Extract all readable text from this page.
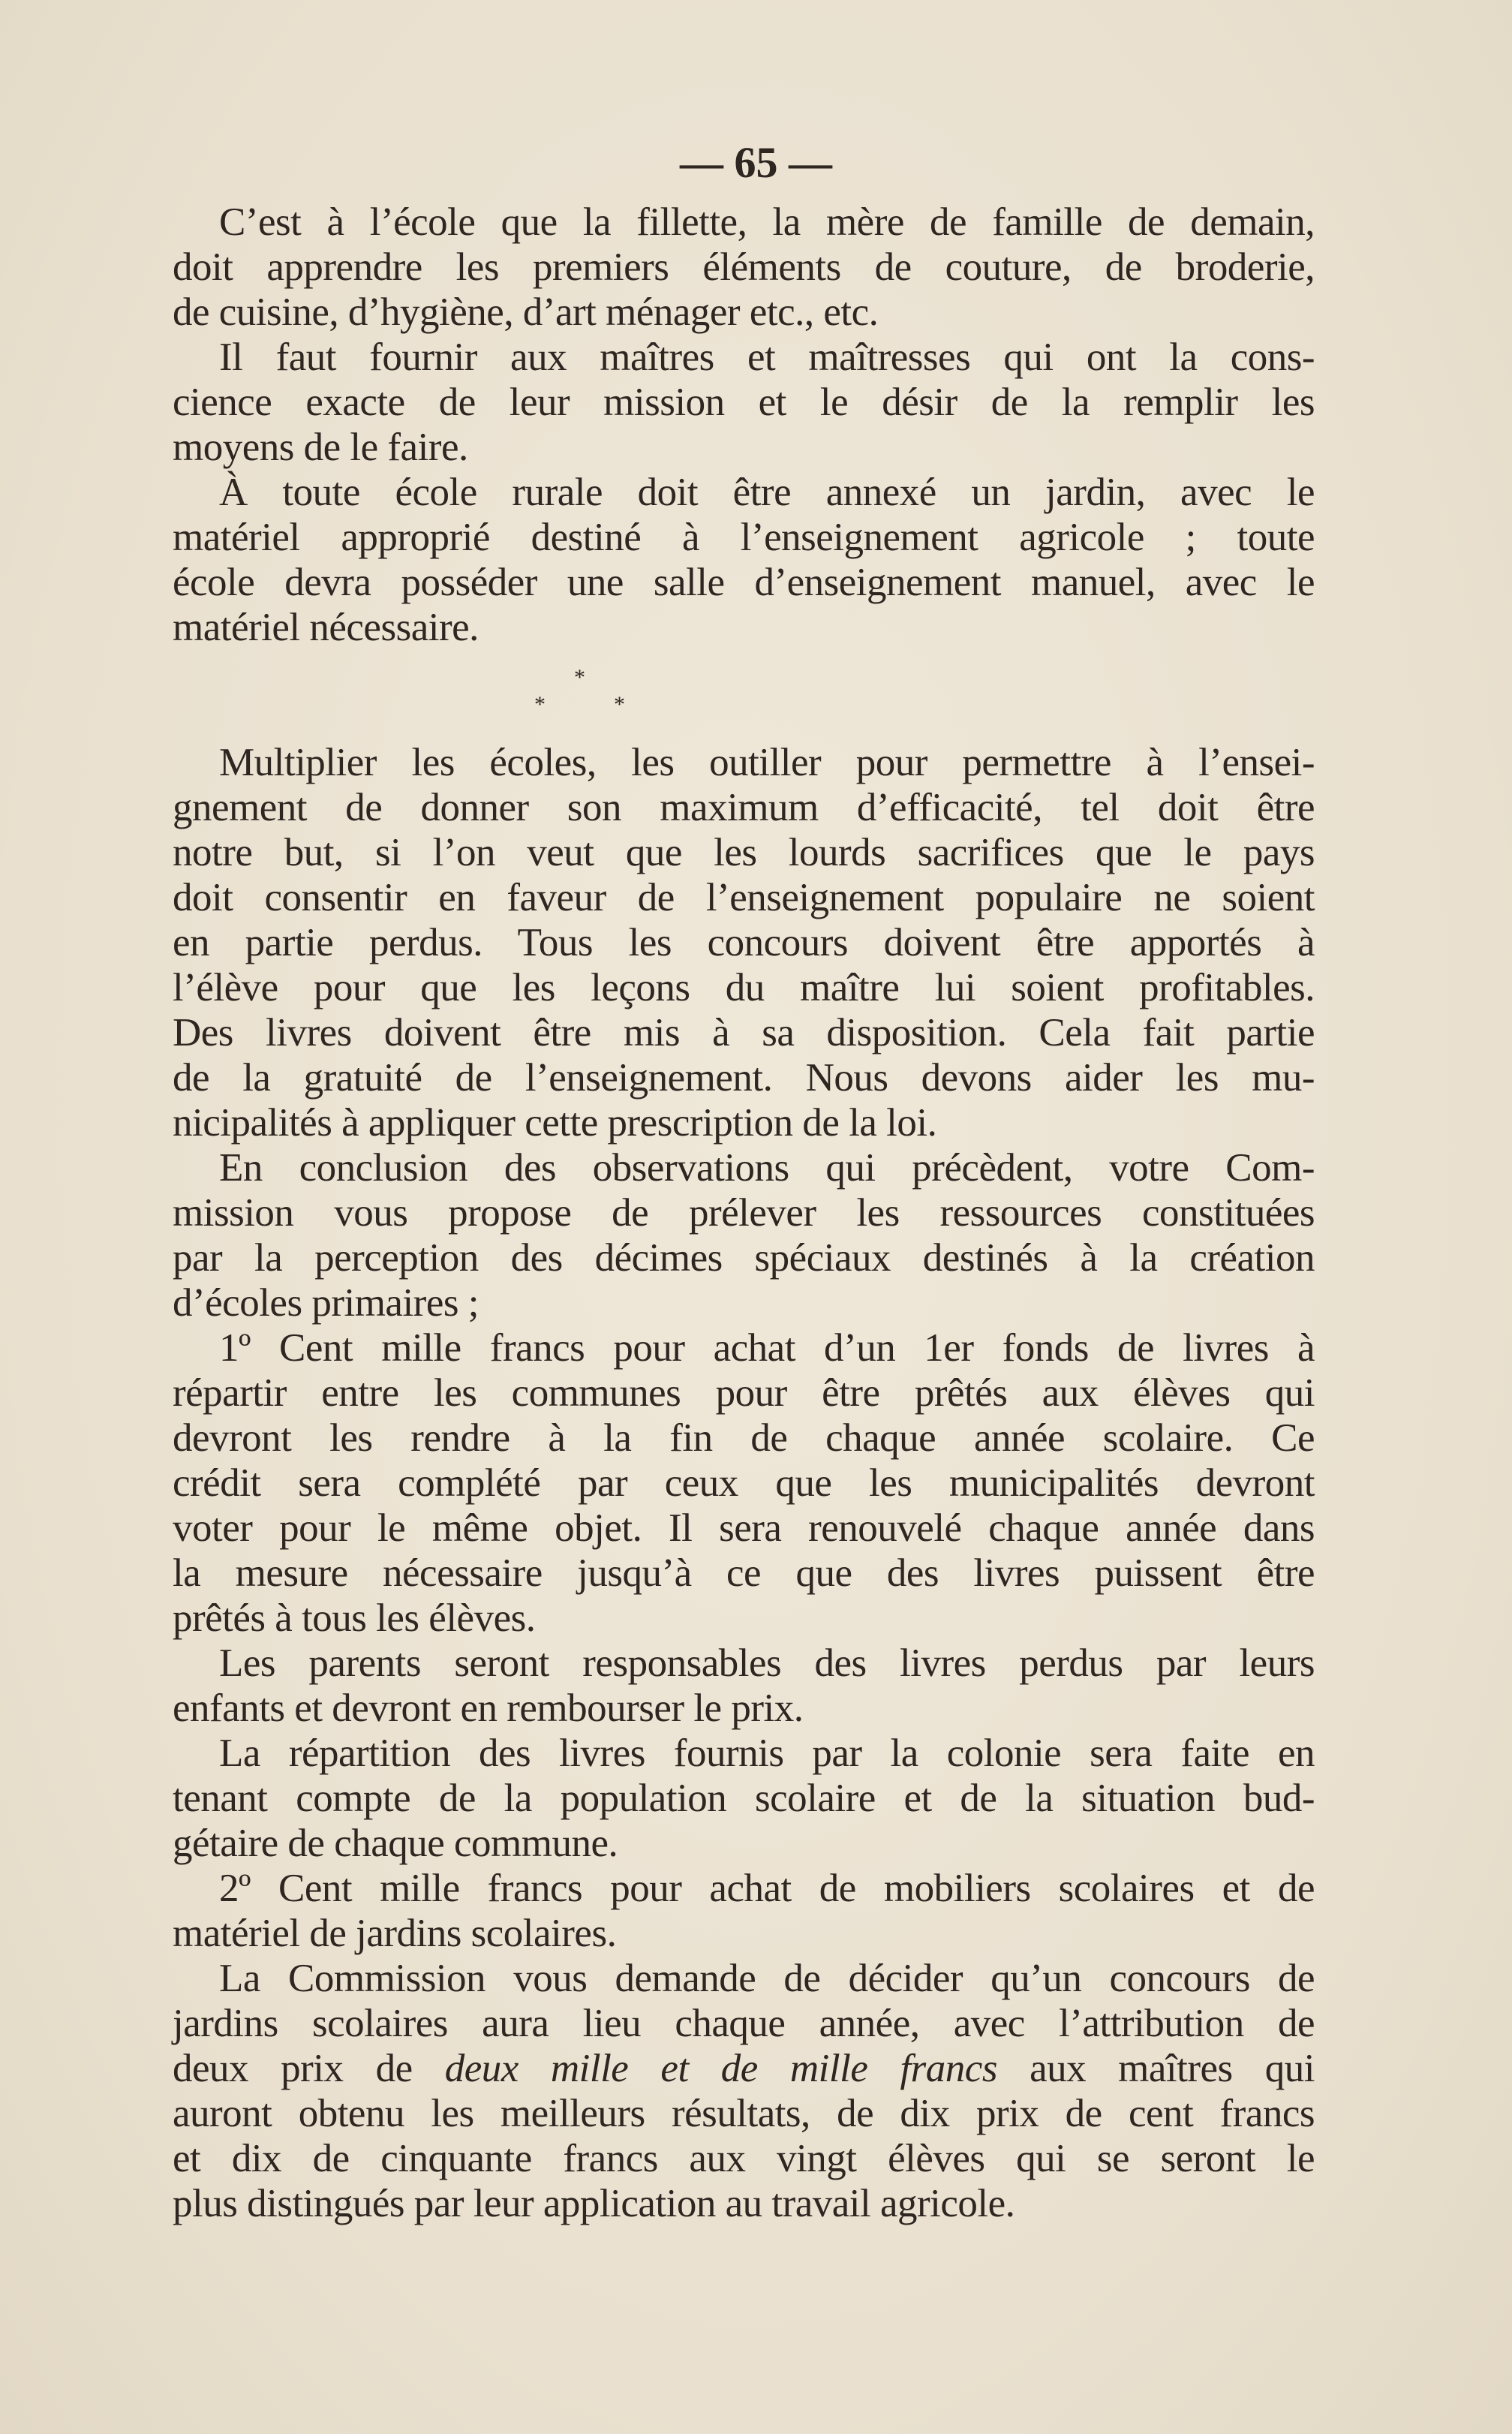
— 65 —
C’est à l’école que la fillette, la mère de famille de demain,
doit apprendre les premiers éléments de couture, de broderie,
de cuisine, d’hygiène, d’art ménager etc., etc.
Il faut fournir aux maîtres et maîtresses qui ont la cons-
cience exacte de leur mission et le désir de la remplir les
moyens de le faire.
À toute école rurale doit être annexé un jardin, avec le
matériel approprié destiné à l’enseignement agricole ; toute
école devra posséder une salle d’enseignement manuel, avec le
matériel nécessaire.
*
*	*
Multiplier les écoles, les outiller pour permettre à l’ensei-
gnement de donner son maximum d’efficacité, tel doit être
notre but, si l’on veut que les lourds sacrifices que le pays
doit consentir en faveur de l’enseignement populaire ne soient
en partie perdus. Tous les concours doivent être apportés à
l’élève pour que les leçons du maître lui soient profitables.
Des livres doivent être mis à sa disposition. Cela fait partie
de la gratuité de l’enseignement. Nous devons aider les mu-
nicipalités à appliquer cette prescription de la loi.
En conclusion des observations qui précèdent, votre Com-
mission vous propose de prélever les ressources constituées
par la perception des décimes spéciaux destinés à la création
d’écoles primaires ;
1º Cent mille francs pour achat d’un 1er fonds de livres à
répartir entre les communes pour être prêtés aux élèves qui
devront les rendre à la fin de chaque année scolaire. Ce
crédit sera complété par ceux que les municipalités devront
voter pour le même objet. Il sera renouvelé chaque année dans
la mesure nécessaire jusqu’à ce que des livres puissent être
prêtés à tous les élèves.
Les parents seront responsables des livres perdus par leurs
enfants et devront en rembourser le prix.
La répartition des livres fournis par la colonie sera faite en
tenant compte de la population scolaire et de la situation bud-
gétaire de chaque commune.
2º Cent mille francs pour achat de mobiliers scolaires et de
matériel de jardins scolaires.
La Commission vous demande de décider qu’un concours de
jardins scolaires aura lieu chaque année, avec l’attribution de
deux prix de deux mille et de mille francs aux maîtres qui
auront obtenu les meilleurs résultats, de dix prix de cent francs
et dix de cinquante francs aux vingt élèves qui se seront le
plus distingués par leur application au travail agricole.
